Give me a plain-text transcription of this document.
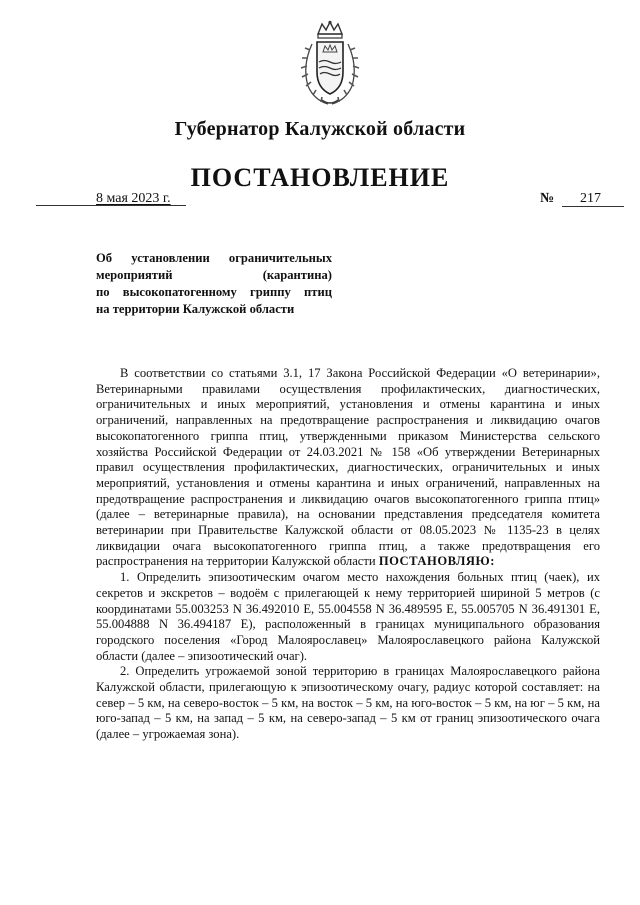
Губернатор Калужской области
ПОСТАНОВЛЕНИЕ
8 мая 2023 г.	№ 217
Об установлении ограничительных
мероприятий (карантина)
по высокопатогенному гриппу птиц
на территории Калужской области

В соответствии со статьями 3.1, 17 Закона Российской Федерации «О ветеринарии», Ветеринарными правилами осуществления профилактических, диагностических, ограничительных и иных мероприятий, установления и отмены карантина и иных ограничений, направленных на предотвращение распространения и ликвидацию очагов высокопатогенного гриппа птиц, утвержденными приказом Министерства сельского хозяйства Российской Федерации от 24.03.2021 № 158 «Об утверждении Ветеринарных правил осуществления профилактических, диагностических, ограничительных и иных мероприятий, установления и отмены карантина и иных ограничений, направленных на предотвращение распространения и ликвидацию очагов высокопатогенного гриппа птиц» (далее – ветеринарные правила), на основании представления председателя комитета ветеринарии при Правительстве Калужской области от 08.05.2023 № 1135-23 в целях ликвидации очага высокопатогенного гриппа птиц, а также предотвращения его распространения на территории Калужской области ПОСТАНОВЛЯЮ:

1. Определить эпизоотическим очагом место нахождения больных птиц (чаек), их секретов и экскретов – водоём с прилегающей к нему территорией шириной 5 метров (с координатами 55.003253 N 36.492010 E, 55.004558 N 36.489595 E, 55.005705 N 36.491301 E, 55.004888 N 36.494187 E), расположенный в границах муниципального образования городского поселения «Город Малоярославец» Малоярославецкого района Калужской области (далее – эпизоотический очаг).

2. Определить угрожаемой зоной территорию в границах Малоярославецкого района Калужской области, прилегающую к эпизоотическому очагу, радиус которой составляет: на север – 5 км, на северо-восток – 5 км, на восток – 5 км, на юго-восток – 5 км, на юг – 5 км, на юго-запад – 5 км, на запад – 5 км, на северо-запад – 5 км от границ эпизоотического очага (далее – угрожаемая зона).
